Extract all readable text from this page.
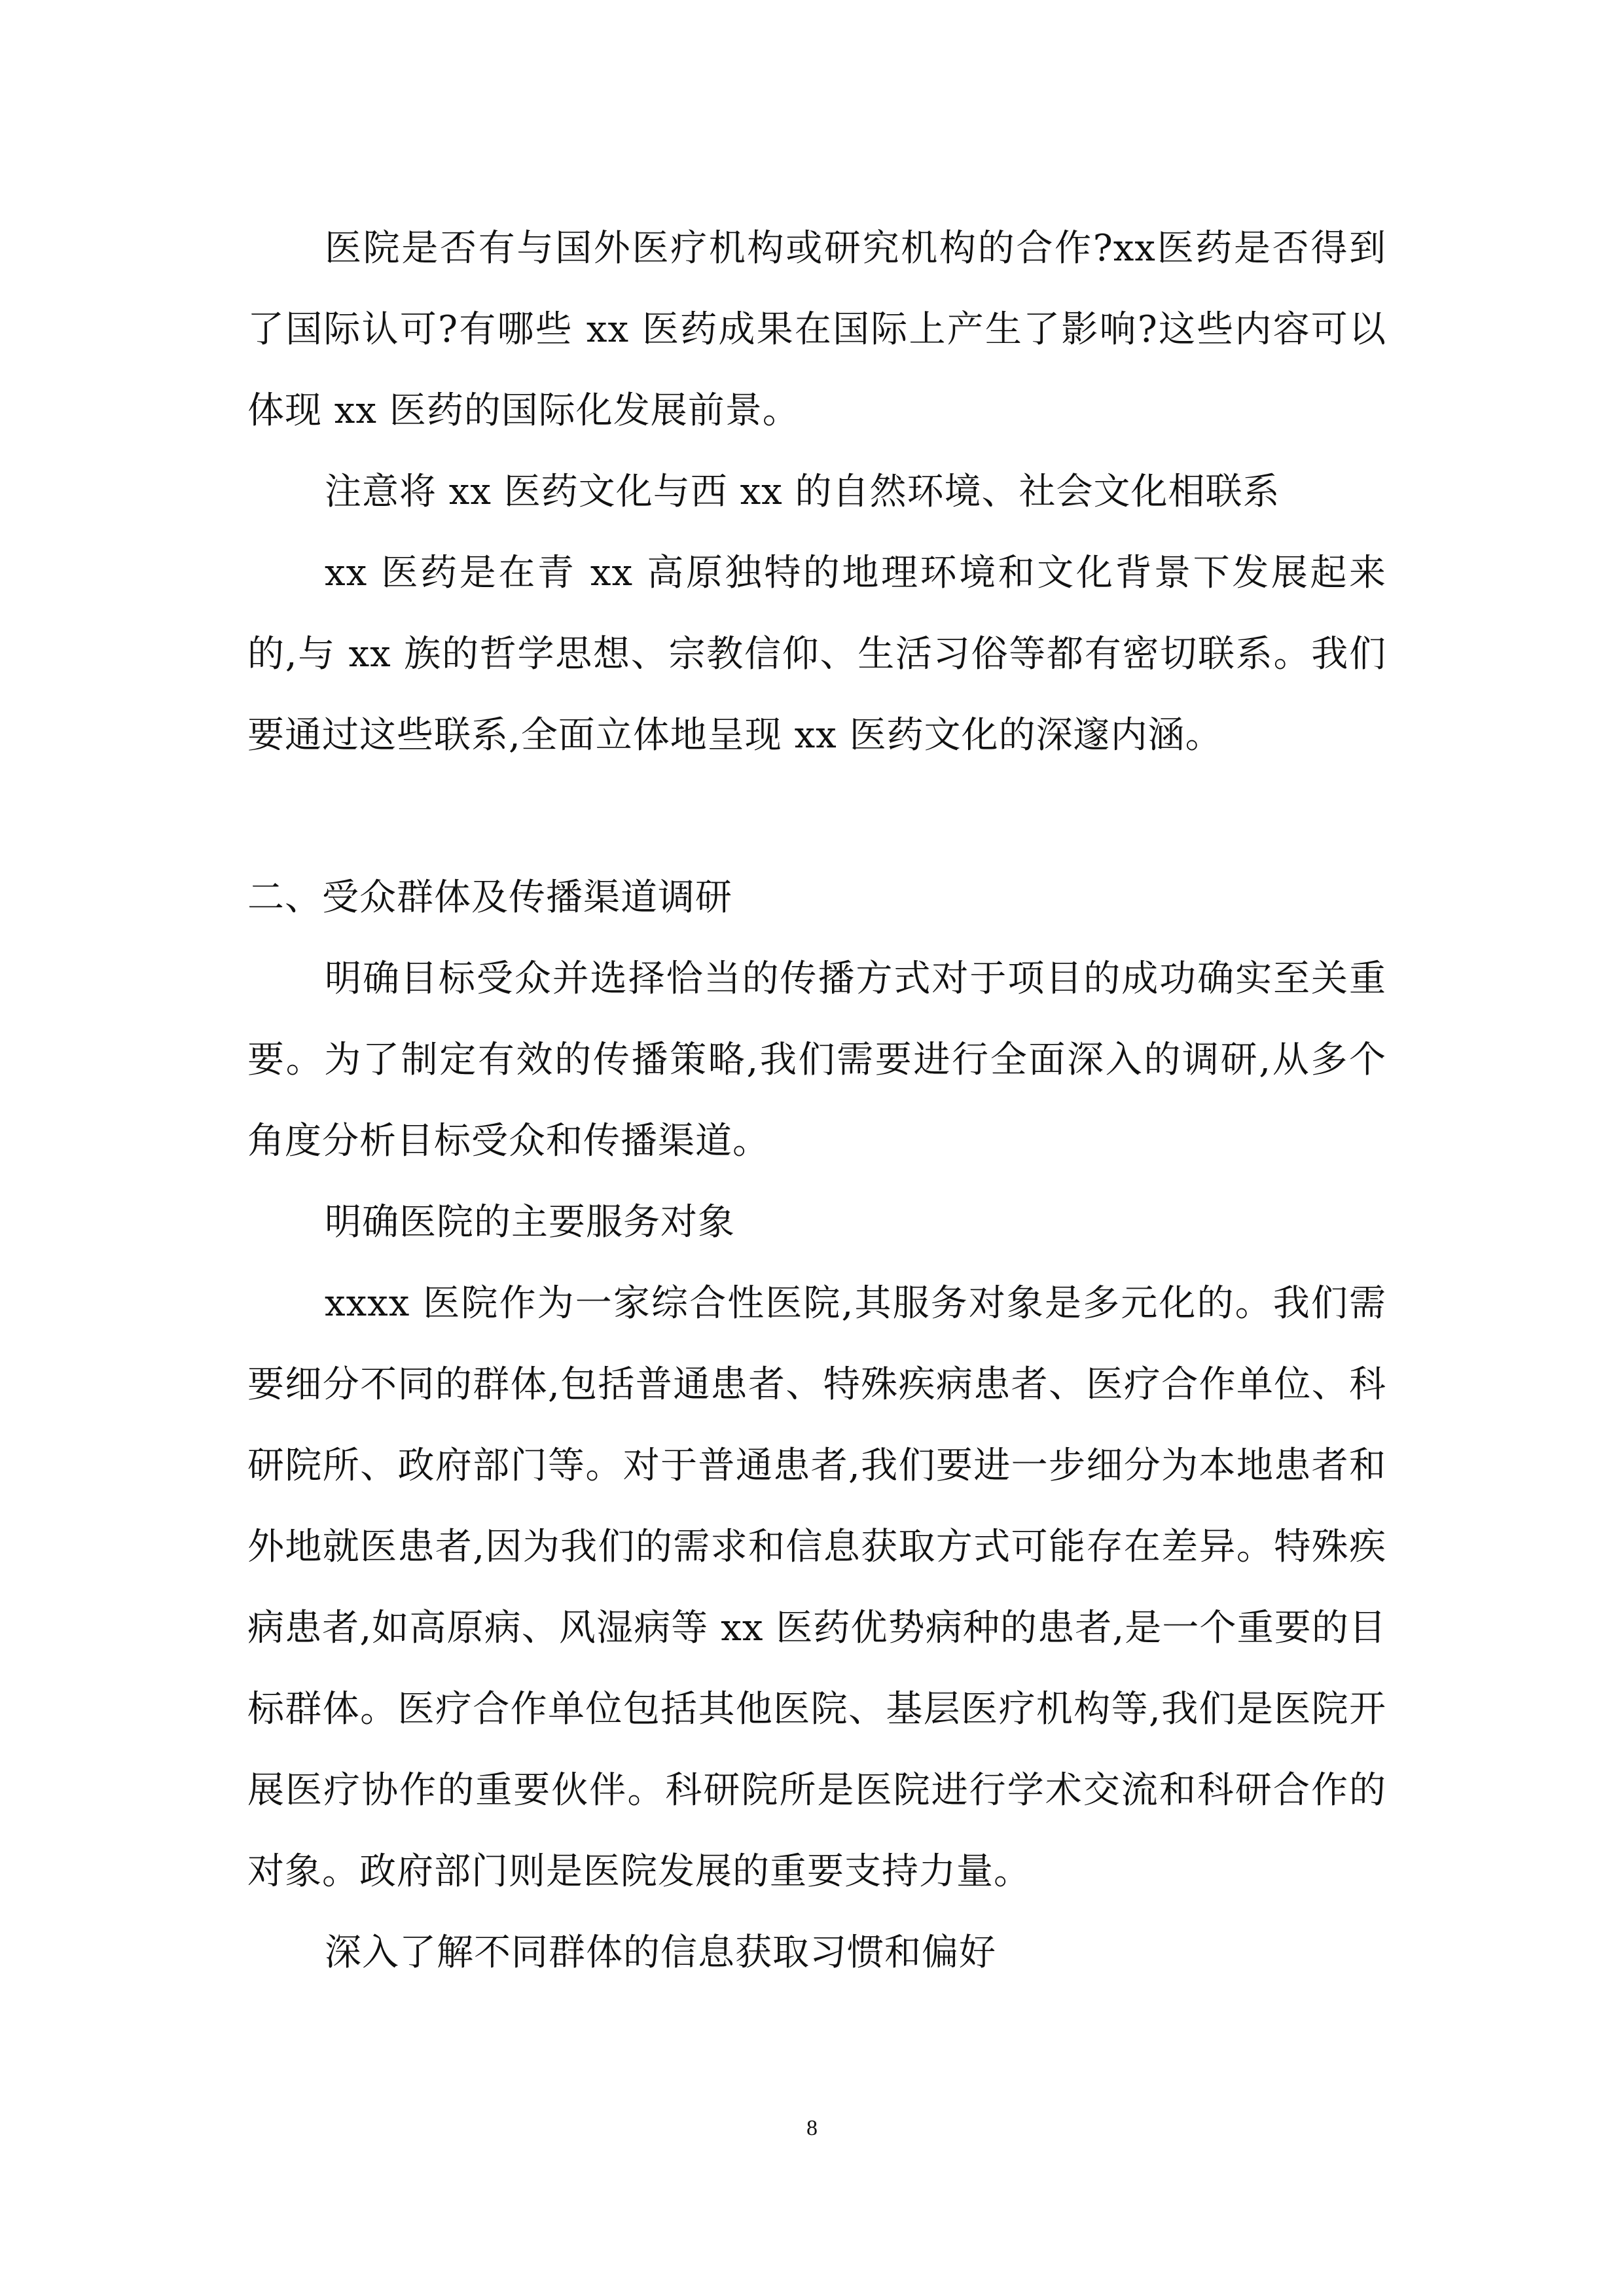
医院是否有与国外医疗机构或研究机构的合作?xx医药是否得到了国际认可?有哪些 xx 医药成果在国际上产生了影响?这些内容可以体现 xx 医药的国际化发展前景。

注意将 xx 医药文化与西 xx 的自然环境、社会文化相联系

xx 医药是在青 xx 高原独特的地理环境和文化背景下发展起来的,与 xx 族的哲学思想、宗教信仰、生活习俗等都有密切联系。我们要通过这些联系,全面立体地呈现 xx 医药文化的深邃内涵。

二、受众群体及传播渠道调研

明确目标受众并选择恰当的传播方式对于项目的成功确实至关重要。为了制定有效的传播策略,我们需要进行全面深入的调研,从多个角度分析目标受众和传播渠道。

明确医院的主要服务对象

xxxx 医院作为一家综合性医院,其服务对象是多元化的。我们需要细分不同的群体,包括普通患者、特殊疾病患者、医疗合作单位、科研院所、政府部门等。对于普通患者,我们要进一步细分为本地患者和外地就医患者,因为我们的需求和信息获取方式可能存在差异。特殊疾病患者,如高原病、风湿病等 xx 医药优势病种的患者,是一个重要的目标群体。医疗合作单位包括其他医院、基层医疗机构等,我们是医院开展医疗协作的重要伙伴。科研院所是医院进行学术交流和科研合作的对象。政府部门则是医院发展的重要支持力量。

深入了解不同群体的信息获取习惯和偏好

8
